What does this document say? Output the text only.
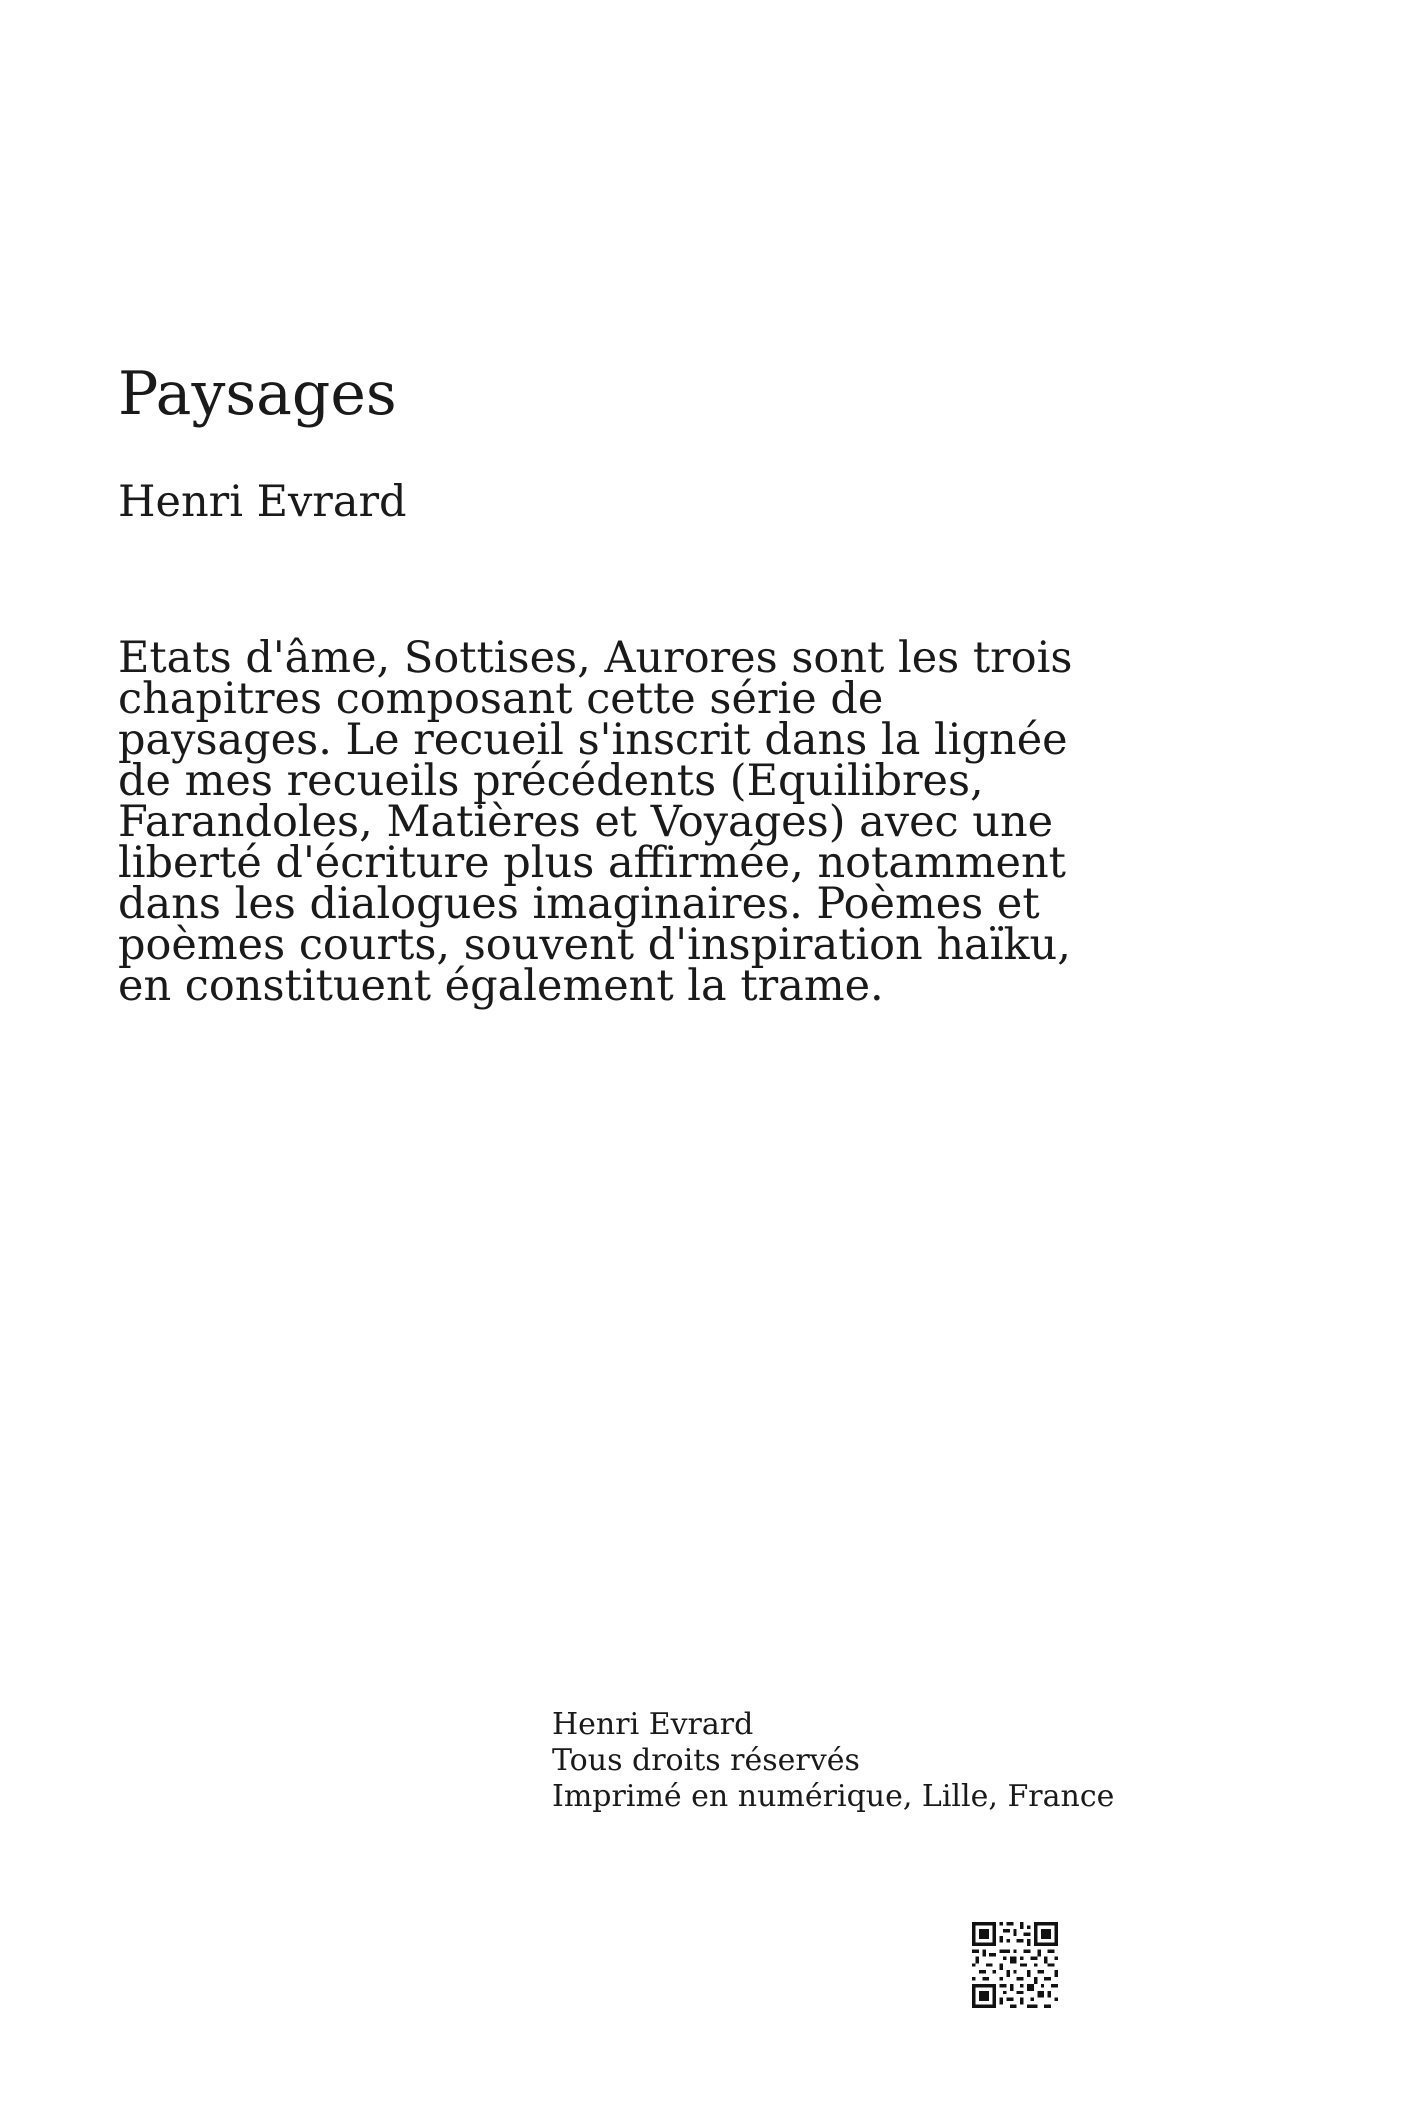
Paysages

Henri Evrard

Etats d'âme, Sottises, Aurores sont les trois
chapitres composant cette série de
paysages. Le recueil s'inscrit dans la lignée
de mes recueils précédents (Equilibres,
Farandoles, Matières et Voyages) avec une
liberté d'écriture plus affirmée, notamment
dans les dialogues imaginaires. Poèmes et
poèmes courts, souvent d'inspiration haïku,
en constituent également la trame.

Henri Evrard
Tous droits réservés
Imprimé en numérique, Lille, France
